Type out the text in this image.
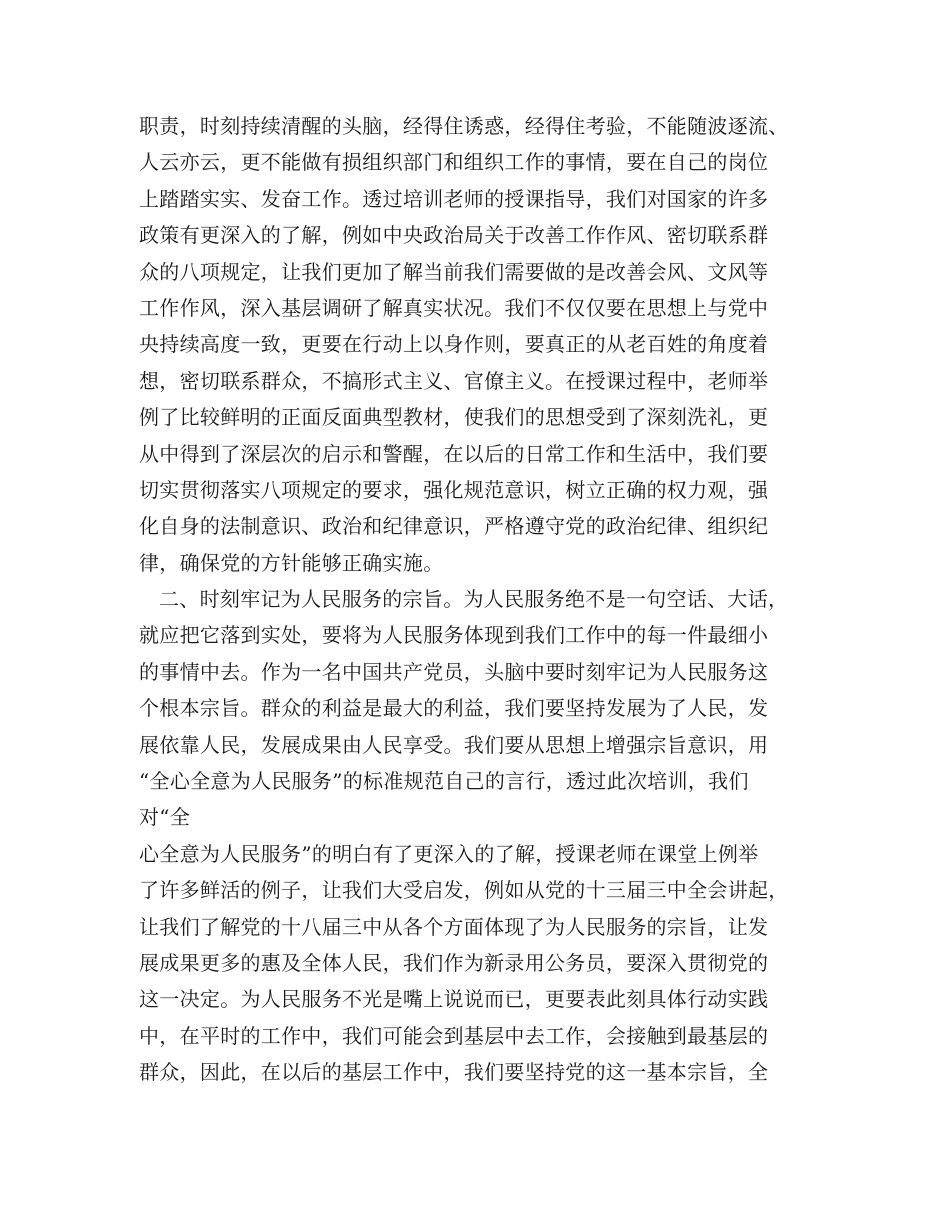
职责，时刻持续清醒的头脑，经得住诱惑，经得住考验，不能随波逐流、
人云亦云，更不能做有损组织部门和组织工作的事情，要在自己的岗位
上踏踏实实、发奋工作。透过培训老师的授课指导，我们对国家的许多
政策有更深入的了解，例如中央政治局关于改善工作作风、密切联系群
众的八项规定，让我们更加了解当前我们需要做的是改善会风、文风等
工作作风，深入基层调研了解真实状况。我们不仅仅要在思想上与党中
央持续高度一致，更要在行动上以身作则，要真正的从老百姓的角度着
想，密切联系群众，不搞形式主义、官僚主义。在授课过程中，老师举
例了比较鲜明的正面反面典型教材，使我们的思想受到了深刻洗礼，更
从中得到了深层次的启示和警醒，在以后的日常工作和生活中，我们要
切实贯彻落实八项规定的要求，强化规范意识，树立正确的权力观，强
化自身的法制意识、政治和纪律意识，严格遵守党的政治纪律、组织纪
律，确保党的方针能够正确实施。
二、时刻牢记为人民服务的宗旨。为人民服务绝不是一句空话、大话，
就应把它落到实处，要将为人民服务体现到我们工作中的每一件最细小
的事情中去。作为一名中国共产党员，头脑中要时刻牢记为人民服务这
个根本宗旨。群众的利益是最大的利益，我们要坚持发展为了人民，发
展依靠人民，发展成果由人民享受。我们要从思想上增强宗旨意识，用
“全心全意为人民服务”的标准规范自己的言行，透过此次培训，我们
对“全
心全意为人民服务”的明白有了更深入的了解，授课老师在课堂上例举
了许多鲜活的例子，让我们大受启发，例如从党的十三届三中全会讲起，
让我们了解党的十八届三中从各个方面体现了为人民服务的宗旨，让发
展成果更多的惠及全体人民，我们作为新录用公务员，要深入贯彻党的
这一决定。为人民服务不光是嘴上说说而已，更要表此刻具体行动实践
中，在平时的工作中，我们可能会到基层中去工作，会接触到最基层的
群众，因此，在以后的基层工作中，我们要坚持党的这一基本宗旨，全
